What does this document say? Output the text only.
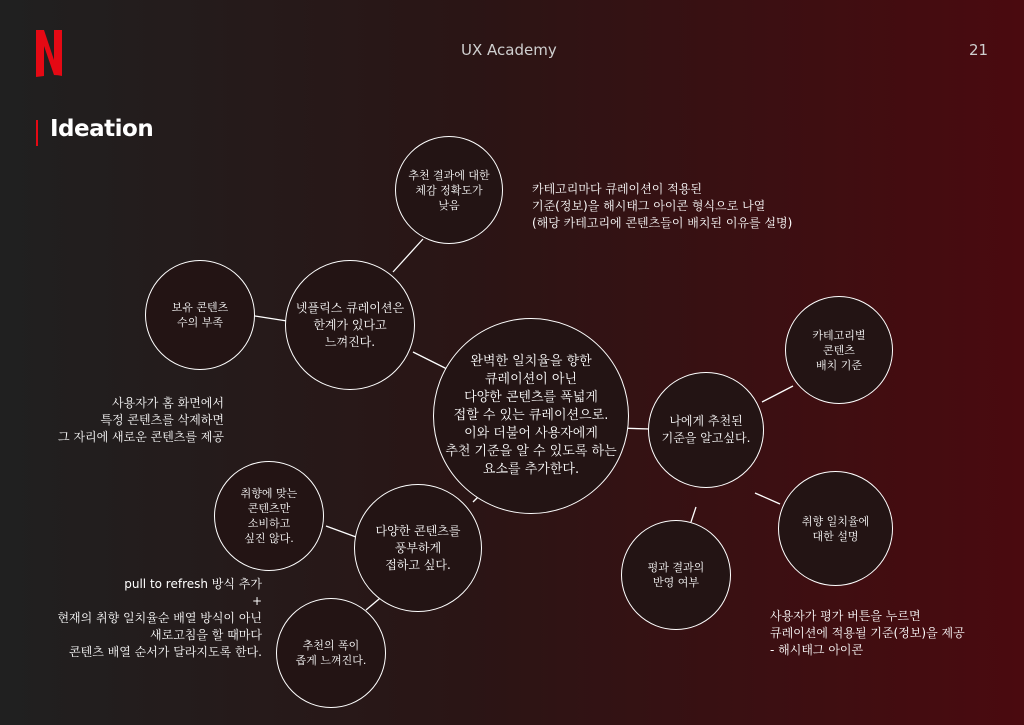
UX Academy	21
Ideation
완벽한 일치율을 향한
큐레이션이 아닌
다양한 콘텐츠를 폭넓게
접할 수 있는 큐레이션으로.
이와 더불어 사용자에게
추천 기준을 알 수 있도록 하는
요소를 추가한다.
넷플릭스 큐레이션은
한계가 있다고
느껴진다.
추천 결과에 대한
체감 정확도가
낮음
보유 콘텐츠
수의 부족
나에게 추천된
기준을 알고싶다.
카테고리별
콘텐츠
배치 기준
취향 일치율에
대한 설명
평과 결과의
반영 여부
다양한 콘텐츠를
풍부하게
접하고 싶다.
취향에 맞는
콘텐츠만
소비하고
싶진 않다.
추천의 폭이
좁게 느껴진다.
카테고리마다 큐레이션이 적용된
기준(정보)을 해시태그 아이콘 형식으로 나열
(해당 카테고리에 콘텐츠들이 배치된 이유를 설명)
사용자가 홈 화면에서
특정 콘텐츠를 삭제하면
그 자리에 새로운 콘텐츠를 제공
pull to refresh 방식 추가
+
현재의 취향 일치율순 배열 방식이 아닌
새로고침을 할 때마다
콘텐츠 배열 순서가 달라지도록 한다.
사용자가 평가 버튼을 누르면
큐레이션에 적용될 기준(정보)을 제공
- 해시태그 아이콘
